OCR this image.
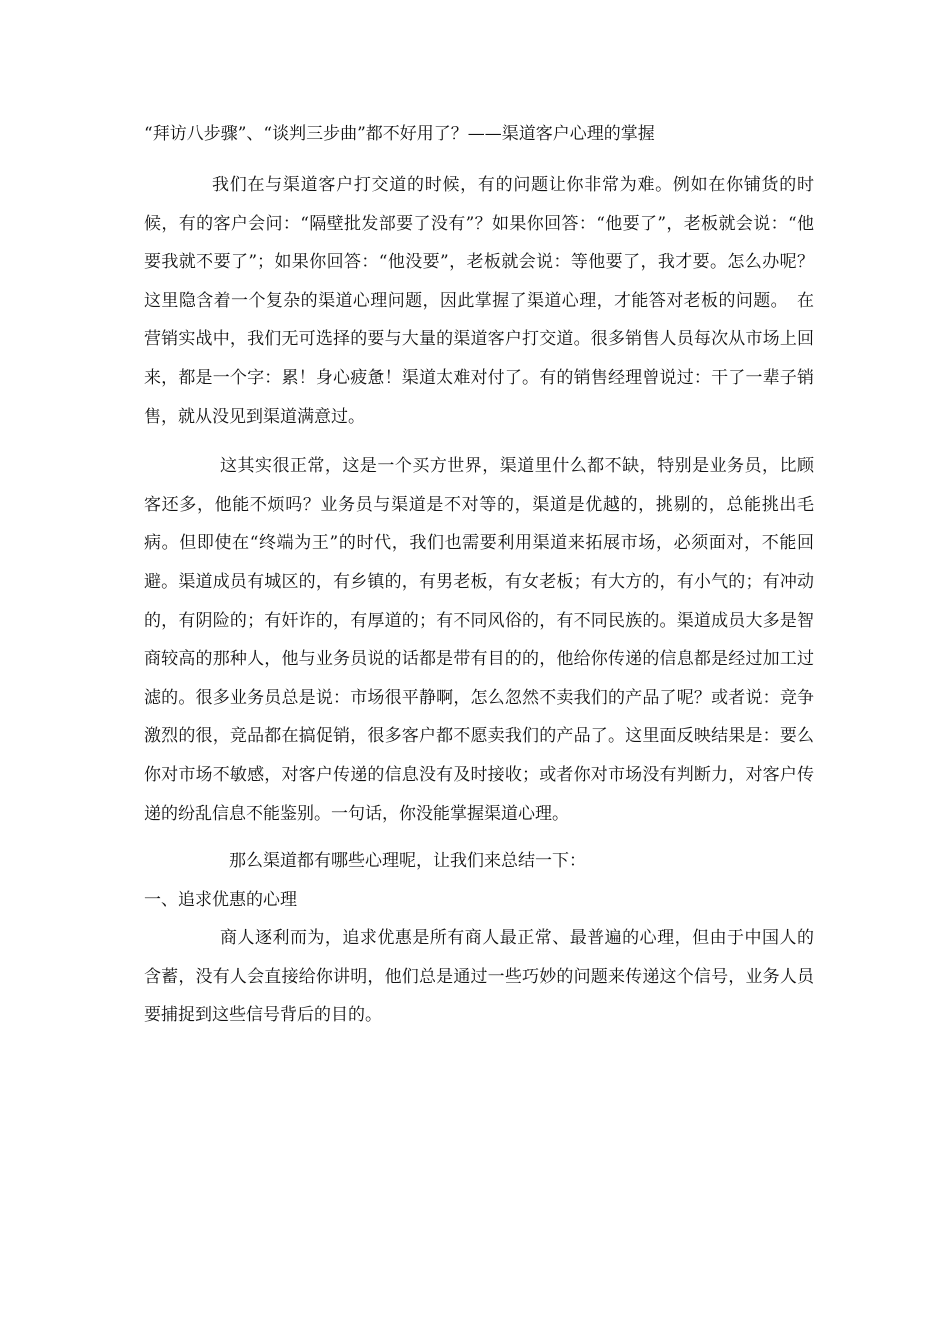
“拜访八步骤”、“谈判三步曲”都不好用了？——渠道客户心理的掌握

我们在与渠道客户打交道的时候，有的问题让你非常为难。例如在你铺货的时候，有的客户会问：“隔壁批发部要了没有”？如果你回答：“他要了”，老板就会说：“他要我就不要了”；如果你回答：“他没要”，老板就会说：等他要了，我才要。怎么办呢？这里隐含着一个复杂的渠道心理问题，因此掌握了渠道心理，才能答对老板的问题。　在营销实战中，我们无可选择的要与大量的渠道客户打交道。很多销售人员每次从市场上回来，都是一个字：累！身心疲惫！渠道太难对付了。有的销售经理曾说过：干了一辈子销售，就从没见到渠道满意过。

这其实很正常，这是一个买方世界，渠道里什么都不缺，特别是业务员，比顾客还多，他能不烦吗？业务员与渠道是不对等的，渠道是优越的，挑剔的，总能挑出毛病。但即使在“终端为王”的时代，我们也需要利用渠道来拓展市场，必须面对，不能回避。渠道成员有城区的，有乡镇的，有男老板，有女老板；有大方的，有小气的；有冲动的，有阴险的；有奸诈的，有厚道的；有不同风俗的，有不同民族的。渠道成员大多是智商较高的那种人，他与业务员说的话都是带有目的的，他给你传递的信息都是经过加工过滤的。很多业务员总是说：市场很平静啊，怎么忽然不卖我们的产品了呢？或者说：竞争激烈的很，竞品都在搞促销，很多客户都不愿卖我们的产品了。这里面反映结果是：要么你对市场不敏感，对客户传递的信息没有及时接收；或者你对市场没有判断力，对客户传递的纷乱信息不能鉴别。一句话，你没能掌握渠道心理。

那么渠道都有哪些心理呢，让我们来总结一下：

一、追求优惠的心理

商人逐利而为，追求优惠是所有商人最正常、最普遍的心理，但由于中国人的含蓄，没有人会直接给你讲明，他们总是通过一些巧妙的问题来传递这个信号，业务人员要捕捉到这些信号背后的目的。
